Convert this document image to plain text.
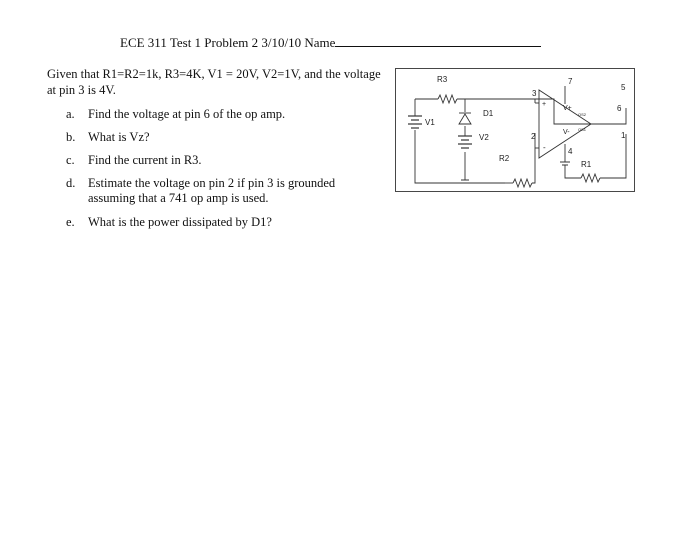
ECE 311 Test 1 Problem 2 3/10/10 Name
Given that R1=R2=1k, R3=4K, V1 = 20V, V2=1V, and the voltage at pin 3 is 4V.
a. Find the voltage at pin 6 of the op amp.
b. What is Vz?
c. Find the current in R3.
d. Estimate the voltage on pin 2 if pin 3 is grounded assuming that a 741 op amp is used.
e. What is the power dissipated by D1?
R3
D1
V1
V2
R2
R1
V+
V-
+
-
OS2
OS1
3
2
7
4
5
6
1
